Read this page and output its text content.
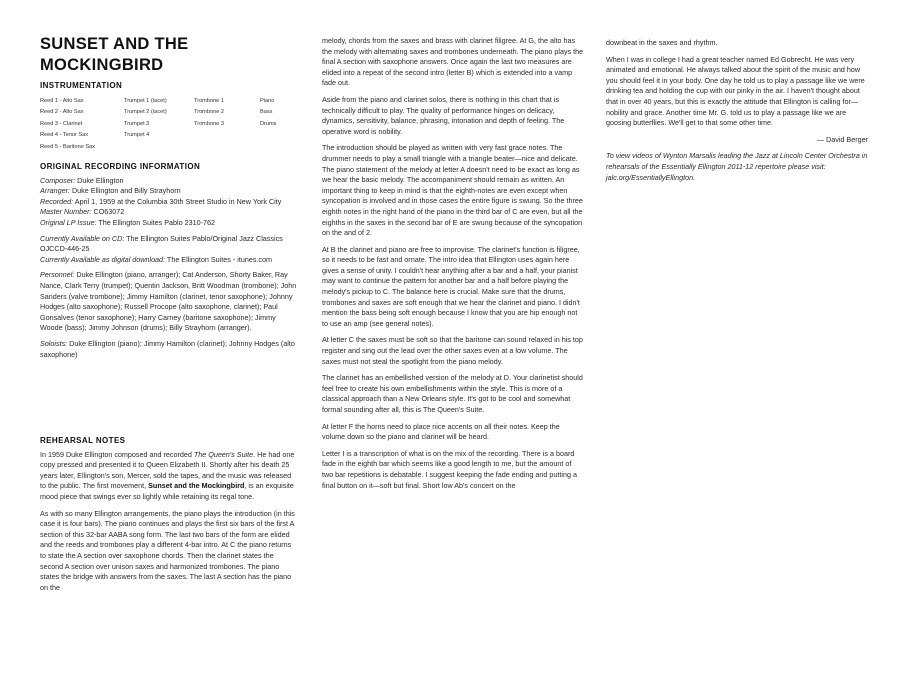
SUNSET AND THE MOCKINGBIRD
INSTRUMENTATION
Reed 1 - Alto Sax
Reed 2 - Alto Sax
Reed 3 - Clarinet
Reed 4 - Tenor Sax
Reed 5 - Baritone Sax
Trumpet 1 (tacet)
Trumpet 2 (tacet)
Trumpet 3
Trumpet 4
Trombone 1
Trombone 2
Trombone 3
Piano
Bass
Drums
ORIGINAL RECORDING INFORMATION
Composer: Duke Ellington
Arranger: Duke Ellington and Billy Strayhorn
Recorded: April 1, 1959 at the Columbia 30th Street Studio in New York City
Master Number: CO63072

Original LP Issue: The Ellington Suites Pablo 2310-762

Currently Available on CD: The Ellington Suites Pablo/Original Jazz Classics OJCCD-446-25

Currently Available as digital download: The Ellington Suites - itunes.com

Personnel: Duke Ellington (piano, arranger); Cat Anderson, Shorty Baker, Ray Nance, Clark Terry (trumpet); Quentin Jackson, Britt Woodman (trombone); John Sanders (valve trombone); Jimmy Hamilton (clarinet, tenor saxophone); Johnny Hodges (alto saxophone); Russell Procope (alto saxophone, clarinet); Paul Gonsalves (tenor saxophone); Harry Carney (baritone saxophone); Jimmy Woode (bass); Jimmy Johnson (drums); Billy Strayhorn (arranger).

Soloists: Duke Ellington (piano); Jimmy Hamilton (clarinet); Johnny Hodges (alto saxophone)

REHEARSAL NOTES

In 1959 Duke Ellington composed and recorded The Queen's Suite. He had one copy pressed and presented it to Queen Elizabeth II. Shortly after his death 25 years later, Ellington's son, Mercer, sold the tapes, and the music was released to the public. The first movement, Sunset and the Mockingbird, is an exquisite mood piece that swings ever so lightly while retaining its regal tone.

As with so many Ellington arrangements, the piano plays the introduction (in this case it is four bars). The piano continues and plays the first six bars of the first A section of this 32-bar AABA song form. The last two bars of the form are elided and the reeds and trombones play a different 4-bar intro. At C the piano returns to state the A section over saxophone chords. Then the clarinet states the second A section over unison saxes and harmonized trombones. The piano states the bridge with answers from the saxes. The last A section has the piano on the

melody, chords from the saxes and brass with clarinet filigree. At G, the alto has the melody with alternating saxes and trombones underneath. The piano plays the final A section with saxophone answers. Once again the last two measures are elided into a repeat of the second intro (letter B) which is extended into a vamp fade out.

Aside from the piano and clarinet solos, there is nothing in this chart that is technically difficult to play. The quality of performance hinges on delicacy, dynamics, sensitivity, balance, phrasing, intonation and depth of feeling. The operative word is nobility.

The introduction should be played as written with very fast grace notes. The drummer needs to play a small triangle with a triangle beater—nice and delicate. The piano statement of the melody at letter A doesn't need to be exact as long as we hear the basic melody. The accompaniment should remain as written. An important thing to keep in mind is that the eighth-notes are even except when syncopation is involved and in those cases the entire figure is swung. So the three eighth notes in the right hand of the piano in the third bar of C are even, but all the eighths in the saxes in the second bar of E are swung because of the syncopation on the and of 2.

At B the clarinet and piano are free to improvise. The clarinet's function is filigree, so it needs to be fast and ornate. The intro idea that Ellington uses again here gives a sense of unity. I couldn't hear anything after a bar and a half, your pianist may want to continue the pattern for another bar and a half before playing the melody's pickup to C. The balance here is crucial. Make sure that the drums, trombones and saxes are soft enough that we hear the clarinet and piano. I didn't mention the bass being soft enough because I know that you are hip enough not to use an amp (see general notes).

At letter C the saxes must be soft so that the baritone can sound relaxed in his top register and sing out the lead over the other saxes even at a low volume. The saxes must not steal the spotlight from the piano melody.

The clarinet has an embellished version of the melody at D. Your clarinetist should feel free to create his own embellishments within the style. This is more of a classical approach than a New Orleans style. It's got to be cool and somewhat formal sounding after all, this is The Queen's Suite.

At letter F the horns need to place nice accents on all their notes. Keep the volume down so the piano and clarinet will be heard.

Letter I is a transcription of what is on the mix of the recording. There is a board fade in the eighth bar which seems like a good length to me, but the amount of two bar repetitions is debatable. I suggest keeping the fade ending and putting a final button on it—soft but final. Short low Ab's concert on the

downbeat in the saxes and rhythm.

When I was in college I had a great teacher named Ed Gobrecht. He was very animated and emotional. He always talked about the spirit of the music and how you should feel it in your body. One day he told us to play a passage like we were drinking tea and holding the cup with our pinky in the air. I haven't thought about that in over 40 years, but this is exactly the attitude that Ellington is calling for—nobility and grace. Another time Mr. G. told us to play a passage like we are goosing butterflies. We'll get to that some other time.

— David Berger

To view videos of Wynton Marsalis leading the Jazz at Lincoln Center Orchestra in rehearsals of the Essentially Ellington 2011-12 repertoire please visit: jalc.org/EssentiallyEllington.
